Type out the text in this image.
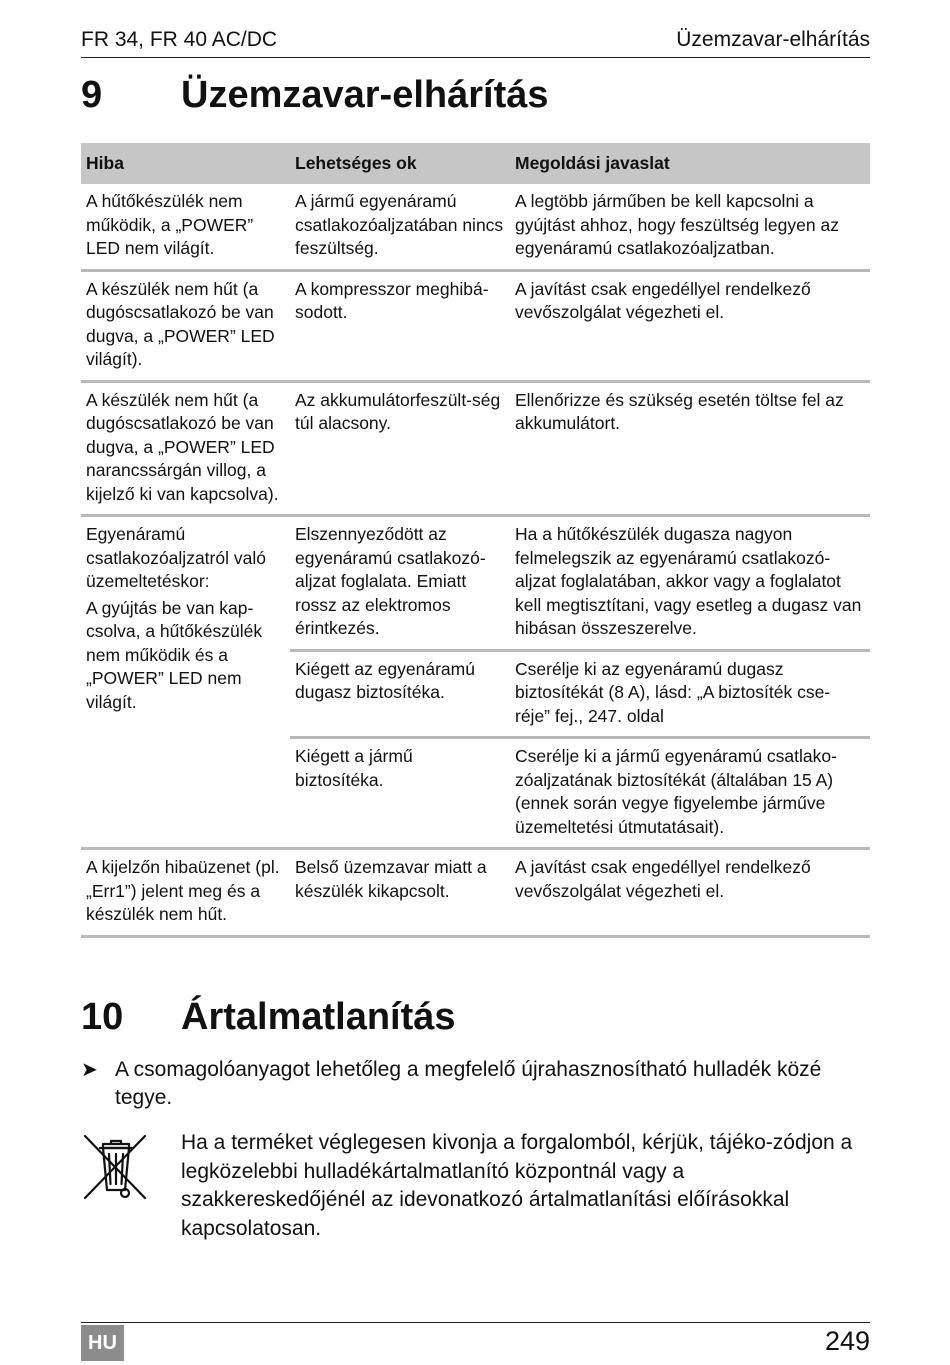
FR 34, FR 40 AC/DC	Üzemzavar-elhárítás
9 Üzemzavar-elhárítás
Hiba	Lehetséges ok	Megoldási javaslat
A hűtőkészülék nem működik, a „POWER” LED nem világít.	A jármű egyenáramú csatlakozóaljzatában nincs feszültség.	A legtöbb járműben be kell kapcsolni a gyújtást ahhoz, hogy feszültség legyen az egyenáramú csatlakozóaljzatban.
A készülék nem hűt (a dugóscsatlakozó be van dugva, a „POWER” LED világít).	A kompresszor meghibá-sodott.	A javítást csak engedéllyel rendelkező vevőszolgálat végezheti el.
A készülék nem hűt (a dugóscsatlakozó be van dugva, a „POWER” LED narancssárgán villog, a kijelző ki van kapcsolva).	Az akkumulátorfeszült-ség túl alacsony.	Ellenőrizze és szükség esetén töltse fel az akkumulátort.

Egyenáramú csatlakozóaljzatról való üzemeltetéskor:
A gyújtás be van kap-csolva, a hűtőkészülék nem működik és a „POWER” LED nem világít.	Elszennyeződött az egyenáramú csatlakozó-aljzat foglalata. Emiatt rossz az elektromos érintkezés.	Ha a hűtőkészülék dugasza nagyon felmelegszik az egyenáramú csatlakozó-aljzat foglalatában, akkor vagy a foglalatot kell megtisztítani, vagy esetleg a dugasz van hibásan összeszerelve.
	Kiégett az egyenáramú dugasz biztosítéka.	Cserélje ki az egyenáramú dugasz biztosítékát (8 A), lásd: „A biztosíték cse-réje” fej., 247. oldal
	Kiégett a jármű biztosítéka.	Cserélje ki a jármű egyenáramú csatlako-zóaljzatának biztosítékát (általában 15 A) (ennek során vegye figyelembe járműve üzemeltetési útmutatásait).
A kijelzőn hibaüzenet (pl. „Err1”) jelent meg és a készülék nem hűt.	Belső üzemzavar miatt a készülék kikapcsolt.	A javítást csak engedéllyel rendelkező vevőszolgálat végezheti el.
10 Ártalmatlanítás
➤ A csomagolóanyagot lehetőleg a megfelelő újrahasznosítható hulladék közé tegye.
Ha a terméket véglegesen kivonja a forgalomból, kérjük, tájéko-zódjon a legközelebbi hulladékártalmatlanító központnál vagy a szakkereskedőjénél az idevonatkozó ártalmatlanítási előírásokkal kapcsolatosan.
HU	249
